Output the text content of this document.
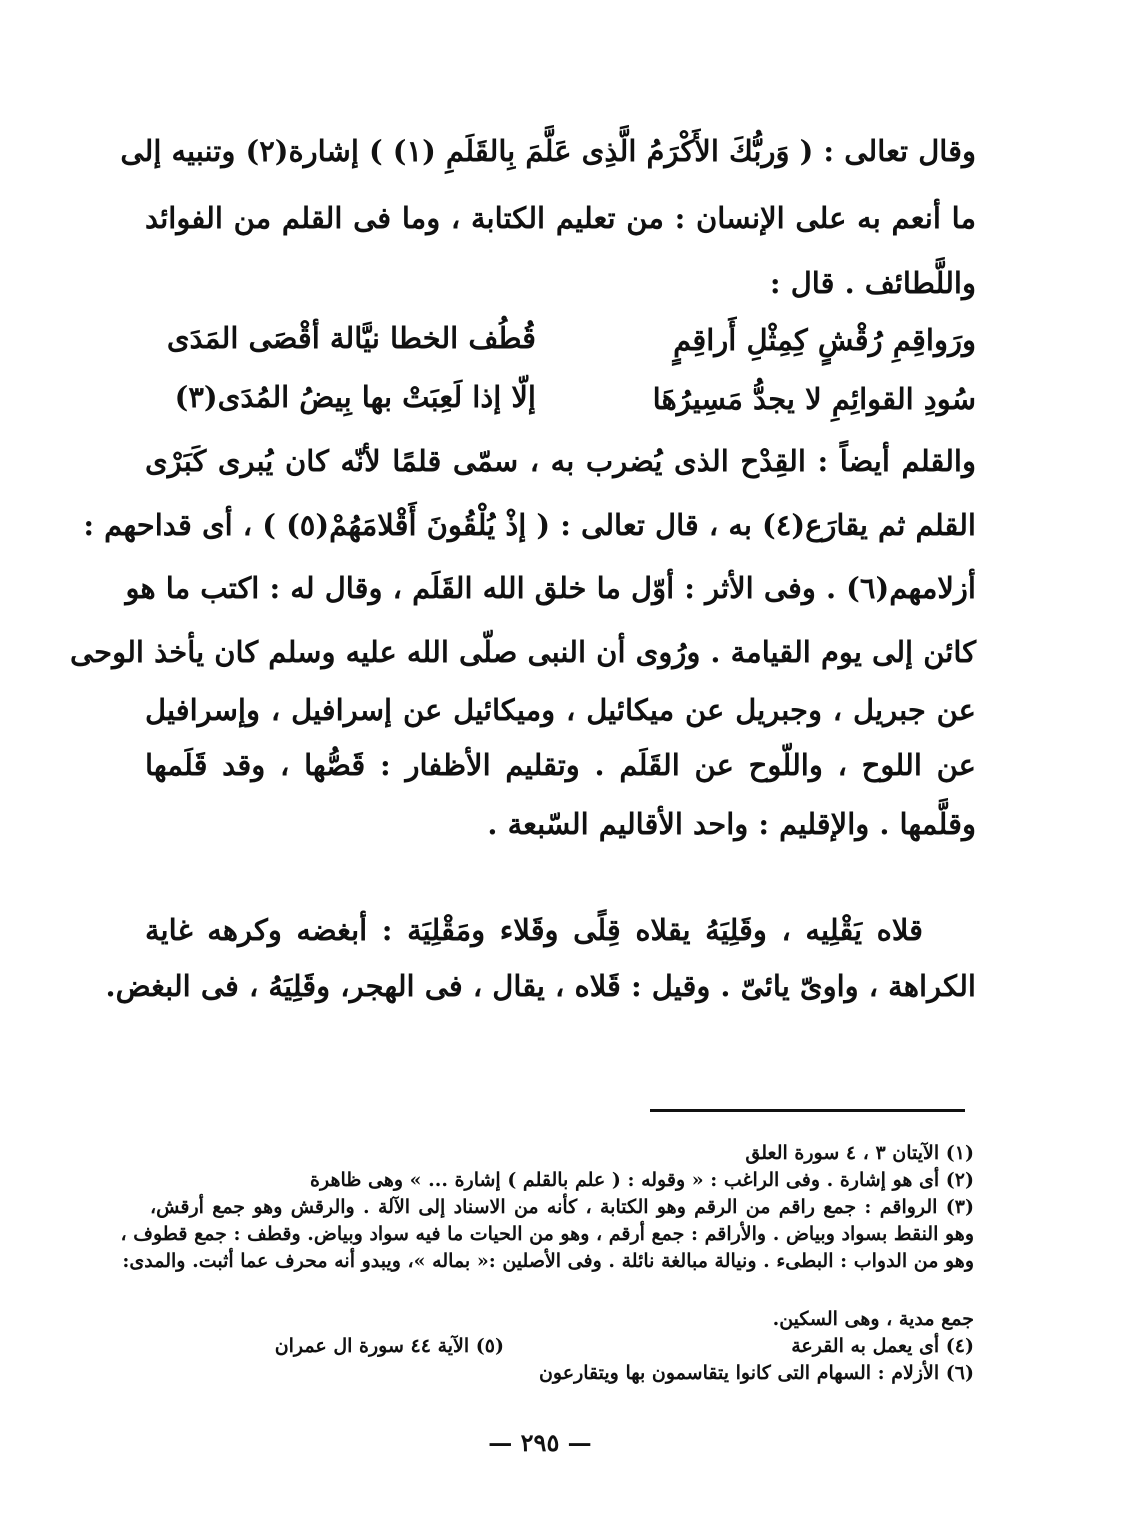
وقال تعالى : ( وَربُّكَ الأَكْرَمُ الَّذِى عَلَّمَ بِالقَلَمِ (١) ) إشارة(٢) وتنبيه إلى
ما أنعم به على الإنسان : من تعليم الكتابة ، وما فى القلم من الفوائد
واللَّطائف . قال :
ورَواقِمِ رُقْشٍ كِمِثْلِ أَراقِمٍ
قُطُف الخطا نيَّالة أقْصَى المَدَى
سُودِ القوائِمِ لا يجدُّ مَسِيرُهَا
إلّا إذا لَعِبَتْ بها بِيضُ المُدَى(٣)
والقلم أيضاً : القِدْح الذى يُضرب به ، سمّى قلمًا لأنّه كان يُبرى كَبَرْى
القلم ثم يقارَع(٤) به ، قال تعالى : ( إذْ يُلْقُونَ أَقْلامَهُمْ(٥) ) ، أى قداحهم :
أزلامهم(٦) . وفى الأثر : أوّل ما خلق الله القَلَم ، وقال له : اكتب ما هو
كائن إلى يوم القيامة . ورُوى أن النبى صلّى الله عليه وسلم كان يأخذ الوحى
عن جبريل ، وجبريل عن ميكائيل ، وميكائيل عن إسرافيل ، وإسرافيل
عن اللوح ، واللّوح عن القَلَم . وتقليم الأظفار : قَصُّها ، وقد قَلَمها
وقلَّمها . والإقليم : واحد الأقاليم السّبعة .
قلاه يَقْلِيه ، وقَلِيَهُ يقلاه قِلًى وقَلاء ومَقْلِيَة : أبغضه وكرهه غاية
الكراهة ، واوىّ يائىّ . وقيل : قَلاه ، يقال ، فى الهجر، وقَلِيَهُ ، فى البغض.
(١) الآيتان ٣ ، ٤ سورة العلق
(٢) أى هو إشارة . وفى الراغب : « وقوله : ( علم بالقلم ) إشارة ... » وهى ظاهرة
(٣) الرواقم : جمع راقم من الرقم وهو الكتابة ، كأنه من الاسناد إلى الآلة . والرقش وهو جمع أرقش،
وهو النقط بسواد وبياض . والأراقم : جمع أرقم ، وهو من الحيات ما فيه سواد وبياض. وقطف : جمع قطوف ،
وهو من الدواب : البطىء . ونيالة مبالغة نائلة . وفى الأصلين :« بماله »، ويبدو أنه محرف عما أثبت. والمدى:
جمع مدية ، وهى السكين.
(٤) أى يعمل به القرعة
(٥) الآية ٤٤ سورة ال عمران
(٦) الأزلام : السهام التى كانوا يتقاسمون بها ويتقارعون
— ٢٩٥ —
